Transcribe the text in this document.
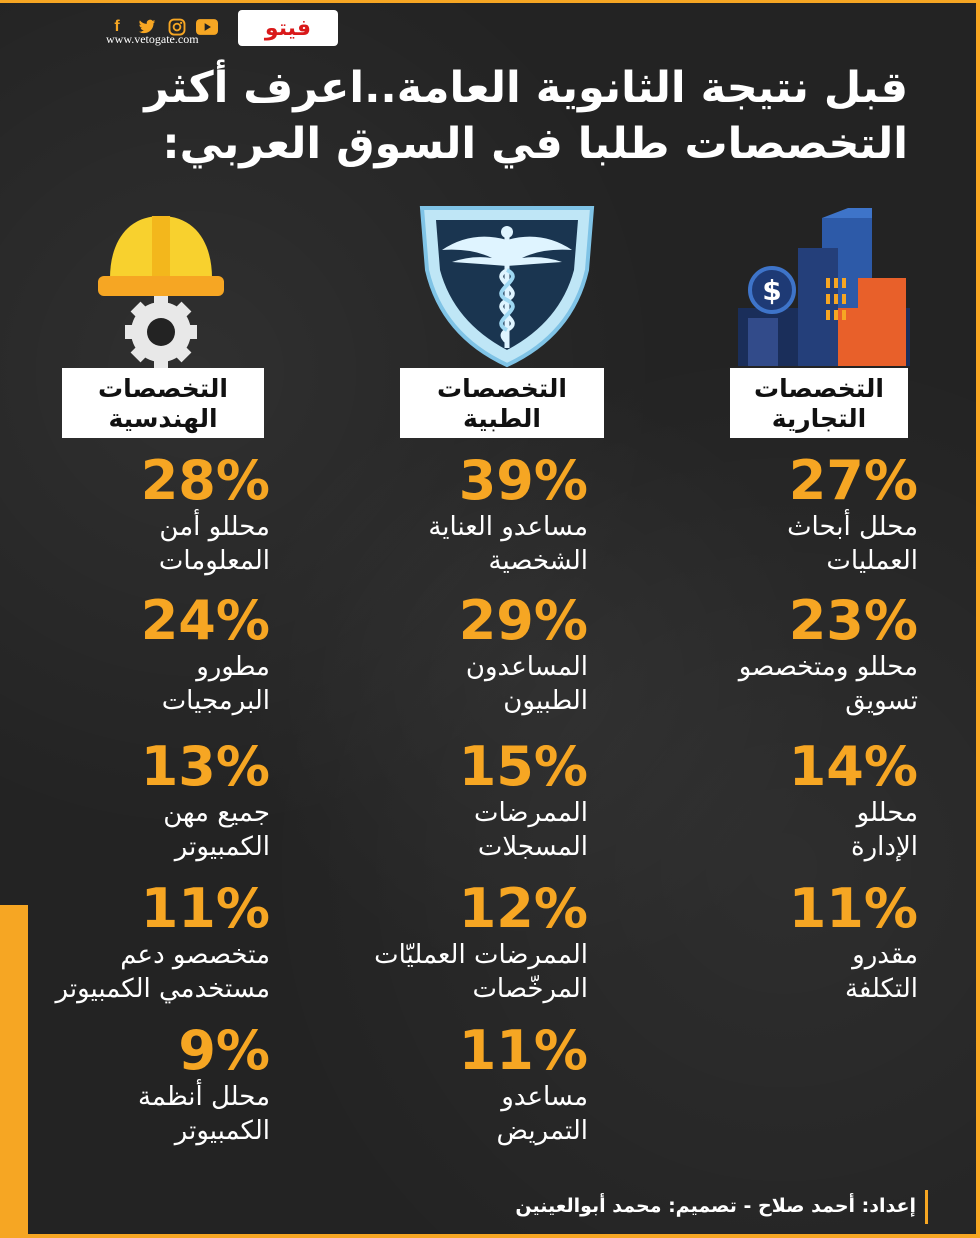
f
www.vetogate.com	فيتو
قبل نتيجة الثانوية العامة..اعرف أكثر
التخصصات طلبا في السوق العربي:
$
التخصصات
التجارية
التخصصات
الطبية
التخصصات
الهندسية
27%
محلل أبحاث
العمليات
23%
محللو ومتخصصو
تسويق
14%
محللو
الإدارة
11%
مقدرو
التكلفة
39%
مساعدو العناية
الشخصية
29%
المساعدون
الطبيون
15%
الممرضات
المسجلات
12%
الممرضات العمليّات
المرخّصات
11%
مساعدو
التمريض
28%
محللو أمن
المعلومات
24%
مطورو
البرمجيات
13%
جميع مهن
الكمبيوتر
11%
متخصصو دعم
مستخدمي الكمبيوتر
9%
محلل أنظمة
الكمبيوتر
إعداد: أحمد صلاح - تصميم: محمد أبوالعينين
